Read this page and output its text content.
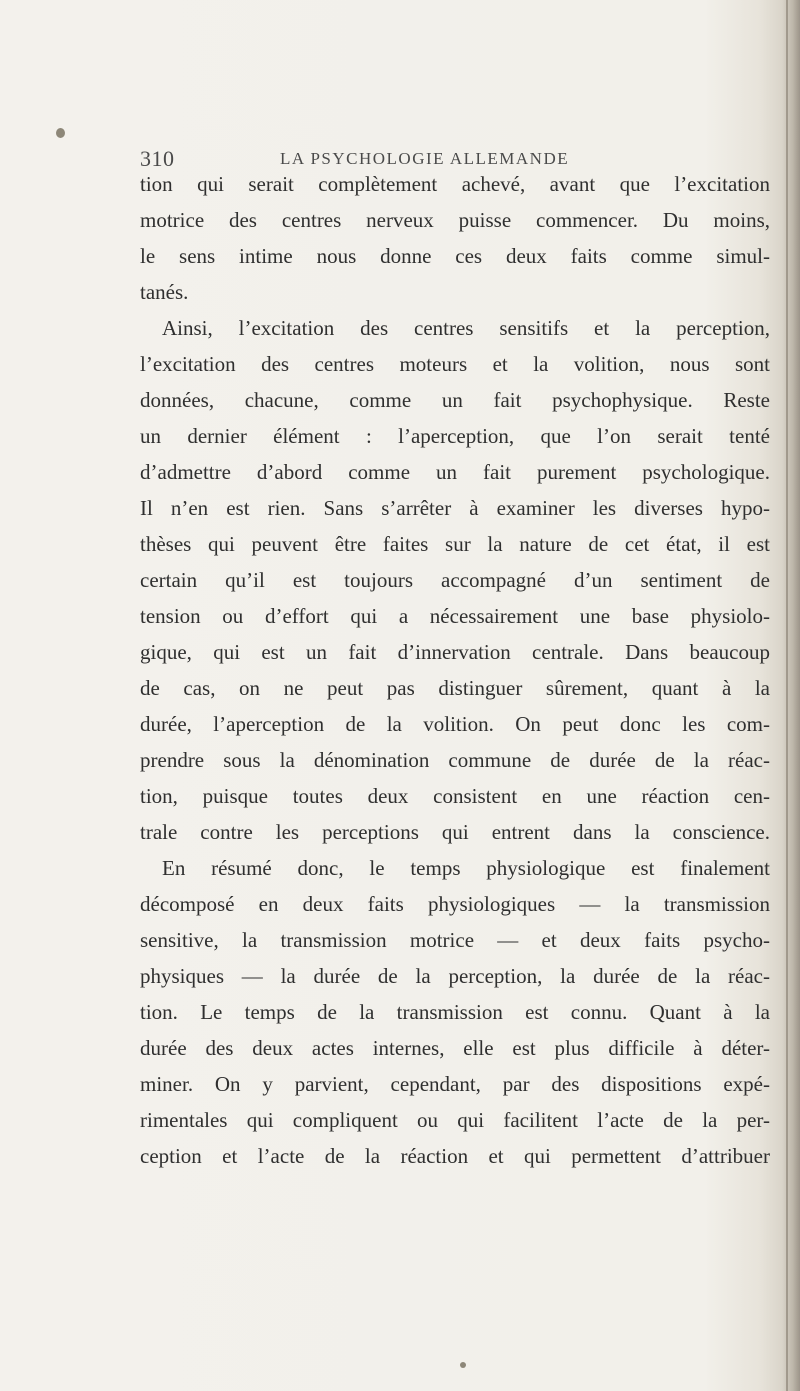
310	LA PSYCHOLOGIE ALLEMANDE
tion qui serait complètement achevé, avant que l’excitation
motrice des centres nerveux puisse commencer. Du moins,
le sens intime nous donne ces deux faits comme simul-
tanés.
Ainsi, l’excitation des centres sensitifs et la perception,
l’excitation des centres moteurs et la volition, nous sont
données, chacune, comme un fait psychophysique. Reste
un dernier élément : l’aperception, que l’on serait tenté
d’admettre d’abord comme un fait purement psychologique.
Il n’en est rien. Sans s’arrêter à examiner les diverses hypo-
thèses qui peuvent être faites sur la nature de cet état, il est
certain qu’il est toujours accompagné d’un sentiment de
tension ou d’effort qui a nécessairement une base physiolo-
gique, qui est un fait d’innervation centrale. Dans beaucoup
de cas, on ne peut pas distinguer sûrement, quant à la
durée, l’aperception de la volition. On peut donc les com-
prendre sous la dénomination commune de durée de la réac-
tion, puisque toutes deux consistent en une réaction cen-
trale contre les perceptions qui entrent dans la conscience.
En résumé donc, le temps physiologique est finalement
décomposé en deux faits physiologiques — la transmission
sensitive, la transmission motrice — et deux faits psycho-
physiques — la durée de la perception, la durée de la réac-
tion. Le temps de la transmission est connu. Quant à la
durée des deux actes internes, elle est plus difficile à déter-
miner. On y parvient, cependant, par des dispositions expé-
rimentales qui compliquent ou qui facilitent l’acte de la per-
ception et l’acte de la réaction et qui permettent d’attribuer
